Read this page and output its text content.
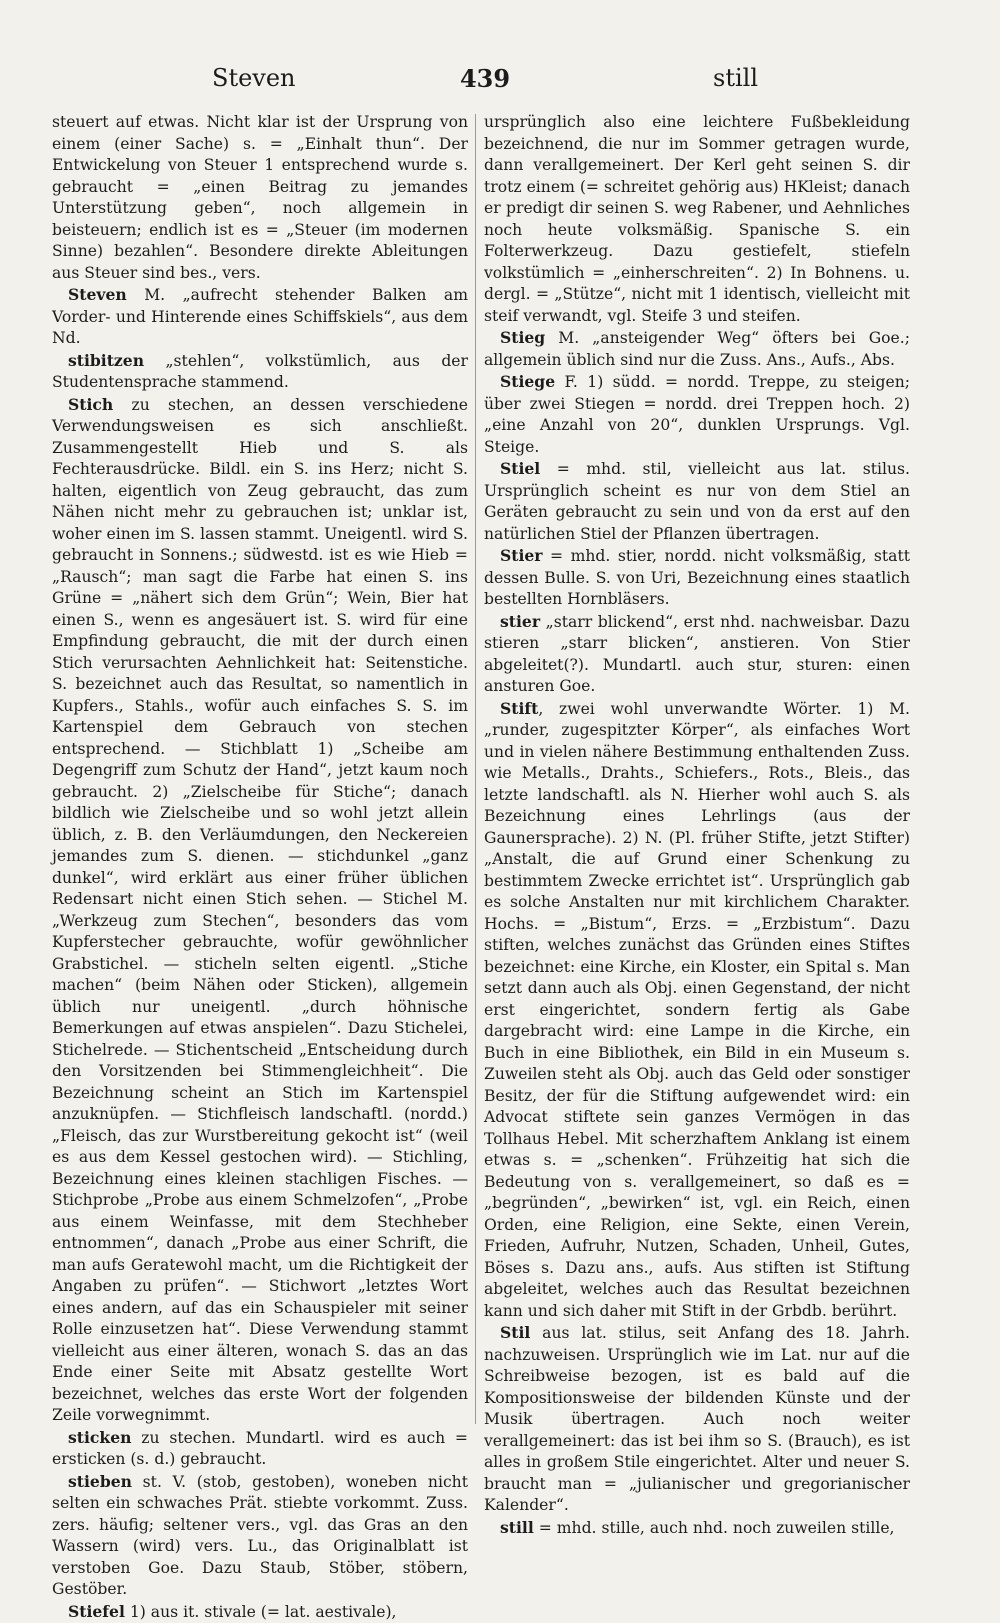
Steven	439	still

steuert auf etwas. Nicht klar ist der Ursprung von einem (einer Sache) s. = „Einhalt thun“. Der Entwickelung von Steuer 1 entsprechend wurde s. gebraucht = „einen Beitrag zu jemandes Unterstützung geben“, noch allgemein in beisteuern; endlich ist es = „Steuer (im modernen Sinne) bezahlen“. Besondere direkte Ableitungen aus Steuer sind bes., vers.

Steven M. „aufrecht stehender Balken am Vorder- und Hinterende eines Schiffskiels“, aus dem Nd.

stibitzen „stehlen“, volkstümlich, aus der Studentensprache stammend.

Stich zu stechen, an dessen verschiedene Verwendungsweisen es sich anschließt. Zusammengestellt Hieb und S. als Fechterausdrücke. Bildl. ein S. ins Herz; nicht S. halten, eigentlich von Zeug gebraucht, das zum Nähen nicht mehr zu gebrauchen ist; unklar ist, woher einen im S. lassen stammt. Uneigentl. wird S. gebraucht in Sonnens.; südwestd. ist es wie Hieb = „Rausch“; man sagt die Farbe hat einen S. ins Grüne = „nähert sich dem Grün“; Wein, Bier hat einen S., wenn es angesäuert ist. S. wird für eine Empfindung gebraucht, die mit der durch einen Stich verursachten Aehnlichkeit hat: Seitenstiche. S. bezeichnet auch das Resultat, so namentlich in Kupfers., Stahls., wofür auch einfaches S. S. im Kartenspiel dem Gebrauch von stechen entsprechend. — Stichblatt 1) „Scheibe am Degengriff zum Schutz der Hand“, jetzt kaum noch gebraucht. 2) „Zielscheibe für Stiche“; danach bildlich wie Zielscheibe und so wohl jetzt allein üblich, z. B. den Verläumdungen, den Neckereien jemandes zum S. dienen. — stichdunkel „ganz dunkel“, wird erklärt aus einer früher üblichen Redensart nicht einen Stich sehen. — Stichel M. „Werkzeug zum Stechen“, besonders das vom Kupferstecher gebrauchte, wofür gewöhnlicher Grabstichel. — sticheln selten eigentl. „Stiche machen“ (beim Nähen oder Sticken), allgemein üblich nur uneigentl. „durch höhnische Bemerkungen auf etwas anspielen“. Dazu Stichelei, Stichelrede. — Stichentscheid „Entscheidung durch den Vorsitzenden bei Stimmengleichheit“. Die Bezeichnung scheint an Stich im Kartenspiel anzuknüpfen. — Stichfleisch landschaftl. (nordd.) „Fleisch, das zur Wurstbereitung gekocht ist“ (weil es aus dem Kessel gestochen wird). — Stichling, Bezeichnung eines kleinen stachligen Fisches. — Stichprobe „Probe aus einem Schmelzofen“, „Probe aus einem Weinfasse, mit dem Stechheber entnommen“, danach „Probe aus einer Schrift, die man aufs Geratewohl macht, um die Richtigkeit der Angaben zu prüfen“. — Stichwort „letztes Wort eines andern, auf das ein Schauspieler mit seiner Rolle einzusetzen hat“. Diese Verwendung stammt vielleicht aus einer älteren, wonach S. das an das Ende einer Seite mit Absatz gestellte Wort bezeichnet, welches das erste Wort der folgenden Zeile vorwegnimmt.

sticken zu stechen. Mundartl. wird es auch = ersticken (s. d.) gebraucht.

stieben st. V. (stob, gestoben), woneben nicht selten ein schwaches Prät. stiebte vorkommt. Zuss. zers. häufig; seltener vers., vgl. das Gras an den Wassern (wird) vers. Lu., das Originalblatt ist verstoben Goe. Dazu Staub, Stöber, stöbern, Gestöber.

Stiefel 1) aus it. stivale (= lat. aestivale),

ursprünglich also eine leichtere Fußbekleidung bezeichnend, die nur im Sommer getragen wurde, dann verallgemeinert. Der Kerl geht seinen S. dir trotz einem (= schreitet gehörig aus) HKleist; danach er predigt dir seinen S. weg Rabener, und Aehnliches noch heute volksmäßig. Spanische S. ein Folterwerkzeug. Dazu gestiefelt, stiefeln volkstümlich = „einherschreiten“. 2) In Bohnens. u. dergl. = „Stütze“, nicht mit 1 identisch, vielleicht mit steif verwandt, vgl. Steife 3 und steifen.

Stieg M. „ansteigender Weg“ öfters bei Goe.; allgemein üblich sind nur die Zuss. Ans., Aufs., Abs.

Stiege F. 1) südd. = nordd. Treppe, zu steigen; über zwei Stiegen = nordd. drei Treppen hoch. 2) „eine Anzahl von 20“, dunklen Ursprungs. Vgl. Steige.

Stiel = mhd. stil, vielleicht aus lat. stilus. Ursprünglich scheint es nur von dem Stiel an Geräten gebraucht zu sein und von da erst auf den natürlichen Stiel der Pflanzen übertragen.

Stier = mhd. stier, nordd. nicht volksmäßig, statt dessen Bulle. S. von Uri, Bezeichnung eines staatlich bestellten Hornbläsers.

stier „starr blickend“, erst nhd. nachweisbar. Dazu stieren „starr blicken“, anstieren. Von Stier abgeleitet(?). Mundartl. auch stur, sturen: einen ansturen Goe.

Stift, zwei wohl unverwandte Wörter. 1) M. „runder, zugespitzter Körper“, als einfaches Wort und in vielen nähere Bestimmung enthaltenden Zuss. wie Metalls., Drahts., Schiefers., Rots., Bleis., das letzte landschaftl. als N. Hierher wohl auch S. als Bezeichnung eines Lehrlings (aus der Gaunersprache). 2) N. (Pl. früher Stifte, jetzt Stifter) „Anstalt, die auf Grund einer Schenkung zu bestimmtem Zwecke errichtet ist“. Ursprünglich gab es solche Anstalten nur mit kirchlichem Charakter. Hochs. = „Bistum“, Erzs. = „Erzbistum“. Dazu stiften, welches zunächst das Gründen eines Stiftes bezeichnet: eine Kirche, ein Kloster, ein Spital s. Man setzt dann auch als Obj. einen Gegenstand, der nicht erst eingerichtet, sondern fertig als Gabe dargebracht wird: eine Lampe in die Kirche, ein Buch in eine Bibliothek, ein Bild in ein Museum s. Zuweilen steht als Obj. auch das Geld oder sonstiger Besitz, der für die Stiftung aufgewendet wird: ein Advocat stiftete sein ganzes Vermögen in das Tollhaus Hebel. Mit scherzhaftem Anklang ist einem etwas s. = „schenken“. Frühzeitig hat sich die Bedeutung von s. verallgemeinert, so daß es = „begründen“, „bewirken“ ist, vgl. ein Reich, einen Orden, eine Religion, eine Sekte, einen Verein, Frieden, Aufruhr, Nutzen, Schaden, Unheil, Gutes, Böses s. Dazu ans., aufs. Aus stiften ist Stiftung abgeleitet, welches auch das Resultat bezeichnen kann und sich daher mit Stift in der Grbdb. berührt.

Stil aus lat. stilus, seit Anfang des 18. Jahrh. nachzuweisen. Ursprünglich wie im Lat. nur auf die Schreibweise bezogen, ist es bald auf die Kompositionsweise der bildenden Künste und der Musik übertragen. Auch noch weiter verallgemeinert: das ist bei ihm so S. (Brauch), es ist alles in großem Stile eingerichtet. Alter und neuer S. braucht man = „julianischer und gregorianischer Kalender“.

still = mhd. stille, auch nhd. noch zuweilen stille,
